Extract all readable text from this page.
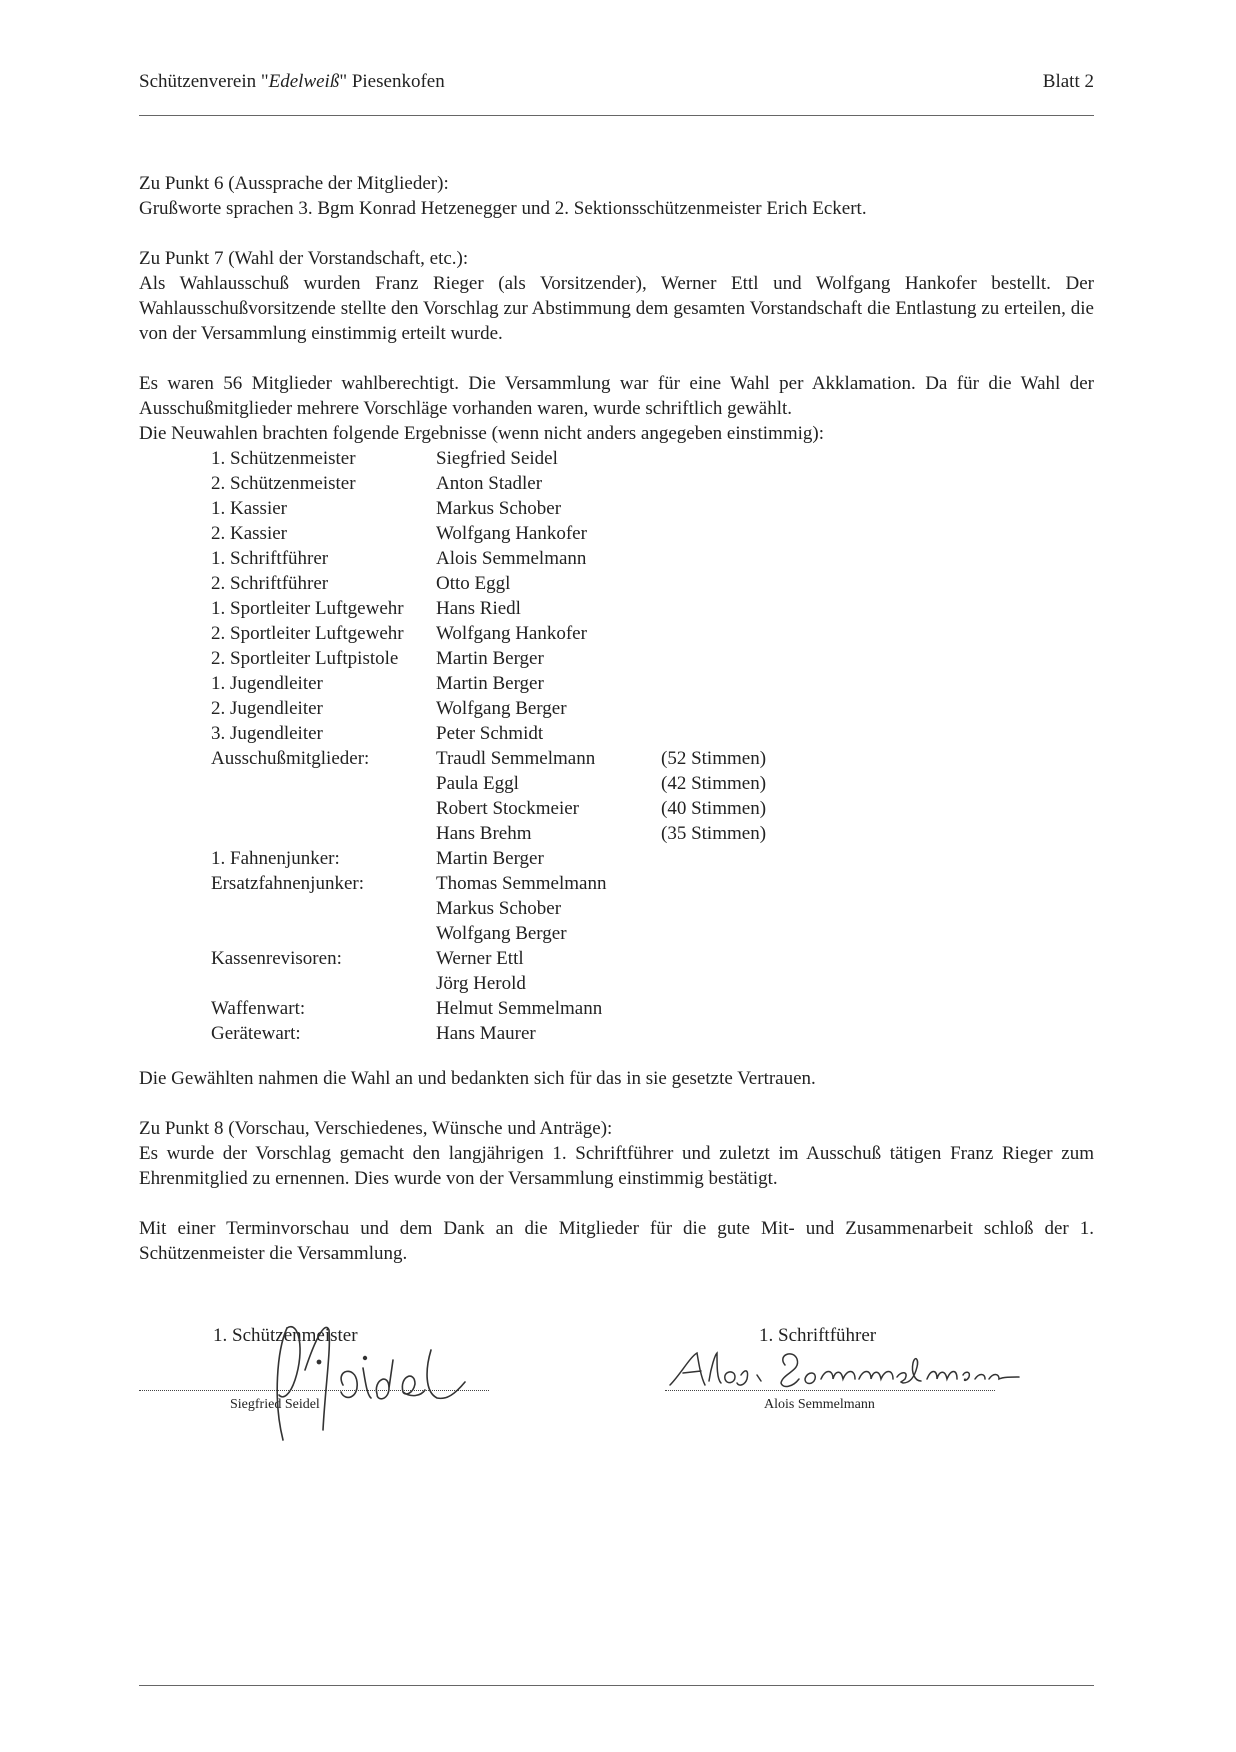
Schützenverein "Edelweiß" Piesenkofen	Blatt 2

Zu Punkt 6 (Aussprache der Mitglieder):

Grußworte sprachen 3. Bgm Konrad Hetzenegger und 2. Sektionsschützenmeister Erich Eckert.

Zu Punkt 7 (Wahl der Vorstandschaft, etc.):

Als Wahlausschuß wurden Franz Rieger (als Vorsitzender), Werner Ettl und Wolfgang Hankofer bestellt. Der Wahlausschußvorsitzende stellte den Vorschlag zur Abstimmung dem gesamten Vorstandschaft die Entlastung zu erteilen, die von der Versammlung einstimmig erteilt wurde.

Es waren 56 Mitglieder wahlberechtigt. Die Versammlung war für eine Wahl per Akklamation. Da für die Wahl der Ausschußmitglieder mehrere Vorschläge vorhanden waren, wurde schriftlich gewählt.

Die Neuwahlen brachten folgende Ergebnisse (wenn nicht anders angegeben einstimmig):

1. Schützenmeister	Siegfried Seidel	
2. Schützenmeister	Anton Stadler	
1. Kassier	Markus Schober	
2. Kassier	Wolfgang Hankofer	
1. Schriftführer	Alois Semmelmann	
2. Schriftführer	Otto Eggl	
1. Sportleiter Luftgewehr	Hans Riedl	
2. Sportleiter Luftgewehr	Wolfgang Hankofer	
2. Sportleiter Luftpistole	Martin Berger	
1. Jugendleiter	Martin Berger	
2. Jugendleiter	Wolfgang Berger	
3. Jugendleiter	Peter Schmidt	
Ausschußmitglieder:	Traudl Semmelmann	(52 Stimmen)
	Paula Eggl	(42 Stimmen)
	Robert Stockmeier	(40 Stimmen)
	Hans Brehm	(35 Stimmen)
1. Fahnenjunker:	Martin Berger	
Ersatzfahnenjunker:	Thomas Semmelmann	
	Markus Schober	
	Wolfgang Berger	
Kassenrevisoren:	Werner Ettl	
	Jörg Herold	
Waffenwart:	Helmut Semmelmann	
Gerätewart:	Hans Maurer	

Die Gewählten nahmen die Wahl an und bedankten sich für das in sie gesetzte Vertrauen.

Zu Punkt 8 (Vorschau, Verschiedenes, Wünsche und Anträge):

Es wurde der Vorschlag gemacht den langjährigen 1. Schriftführer und zuletzt im Ausschuß tätigen Franz Rieger zum Ehrenmitglied zu ernennen. Dies wurde von der Versammlung einstimmig bestätigt.

Mit einer Terminvorschau und dem Dank an die Mitglieder für die gute Mit- und Zusammenarbeit schloß der 1. Schützenmeister die Versammlung.

1. Schützenmeister	1. Schriftführer
Siegfried Seidel	Alois Semmelmann
